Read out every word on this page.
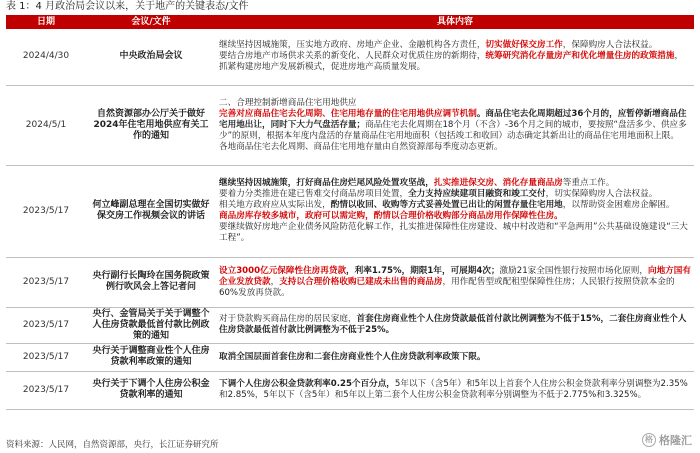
表 1：4 月政治局会议以来，关于地产的关键表态/文件
日期	会议/文件	具体内容
2024/4/30	中央政治局会议	继续坚持因城施策，压实地方政府、房地产企业、金融机构各方责任，切实做好保交房工作，保障购房人合法权益。
要结合房地产市场供求关系的新变化、人民群众对优质住房的新期待，统筹研究消化存量房产和优化增量住房的政策措施，抓紧构建房地产发展新模式，促进房地产高质量发展。
2024/5/1	自然资源部办公厅关于做好2024年住宅用地供应有关工作的通知	二、合理控制新增商品住宅用地供应
完善对应商品住宅去化周期、住宅用地存量的住宅用地供应调节机制。商品住宅去化周期超过36个月的，应暂停新增商品住宅用地出让，同时下大力气盘活存量；商品住宅去化周期在18个月（不含）-36个月之间的城市，要按照“盘活多少、供应多少”的原则，根据本年度内盘活的存量商品住宅用地面积（包括竣工和收回）动态确定其新出让的商品住宅用地面积上限。
各地商品住宅去化周期、商品住宅用地存量由自然资源部每季度动态更新。
2023/5/17	何立峰副总理在全国切实做好保交房工作视频会议的讲话	继续坚持因城施策，打好商品住房烂尾风险处置攻坚战，扎实推进保交房、消化存量商品房等重点工作。
要着力分类推进在建已售难交付商品房项目处置，全力支持应续建项目融资和竣工交付，切实保障购房人合法权益。
相关地方政府应从实际出发，酌情以收回、收购等方式妥善处置已出让的闲置存量住宅用地，以帮助资金困难房企解困。
商品房库存较多城市，政府可以需定购，酌情以合理价格收购部分商品房用作保障性住房。
要继续做好房地产企业债务风险防范化解工作，扎实推进保障性住房建设、城中村改造和“平急两用”公共基础设施建设“三大工程”。
2023/5/17	央行副行长陶玲在国务院政策例行吹风会上答记者问	设立3000亿元保障性住房再贷款，利率1.75%，期限1年，可展期4次；激励21家全国性银行按照市场化原则，向地方国有企业发放贷款，支持以合理价格收购已建成未出售的商品房，用作配售型或配租型保障性住房；人民银行按照贷款本金的60%发放再贷款。
2023/5/17	央行、金管局关于关于调整个人住房贷款最低首付款比例政策的通知	对于贷款购买商品住房的居民家庭，首套住房商业性个人住房贷款最低首付款比例调整为不低于15%，二套住房商业性个人住房贷款最低首付款比例调整为不低于25%。
2023/5/17	央行关于调整商业性个人住房贷款利率政策的通知	取消全国层面首套住房和二套住房商业性个人住房贷款利率政策下限。
2023/5/17	央行关于下调个人住房公积金贷款利率的通知	下调个人住房公积金贷款利率0.25个百分点，5年以下（含5年）和5年以上首套个人住房公积金贷款利率分别调整为2.35%和2.85%，5年以下（含5年）和5年以上第二套个人住房公积金贷款利率分别调整为不低于2.775%和3.325%。
资料来源：人民网，自然资源部，央行，长江证券研究所
格 格隆汇
